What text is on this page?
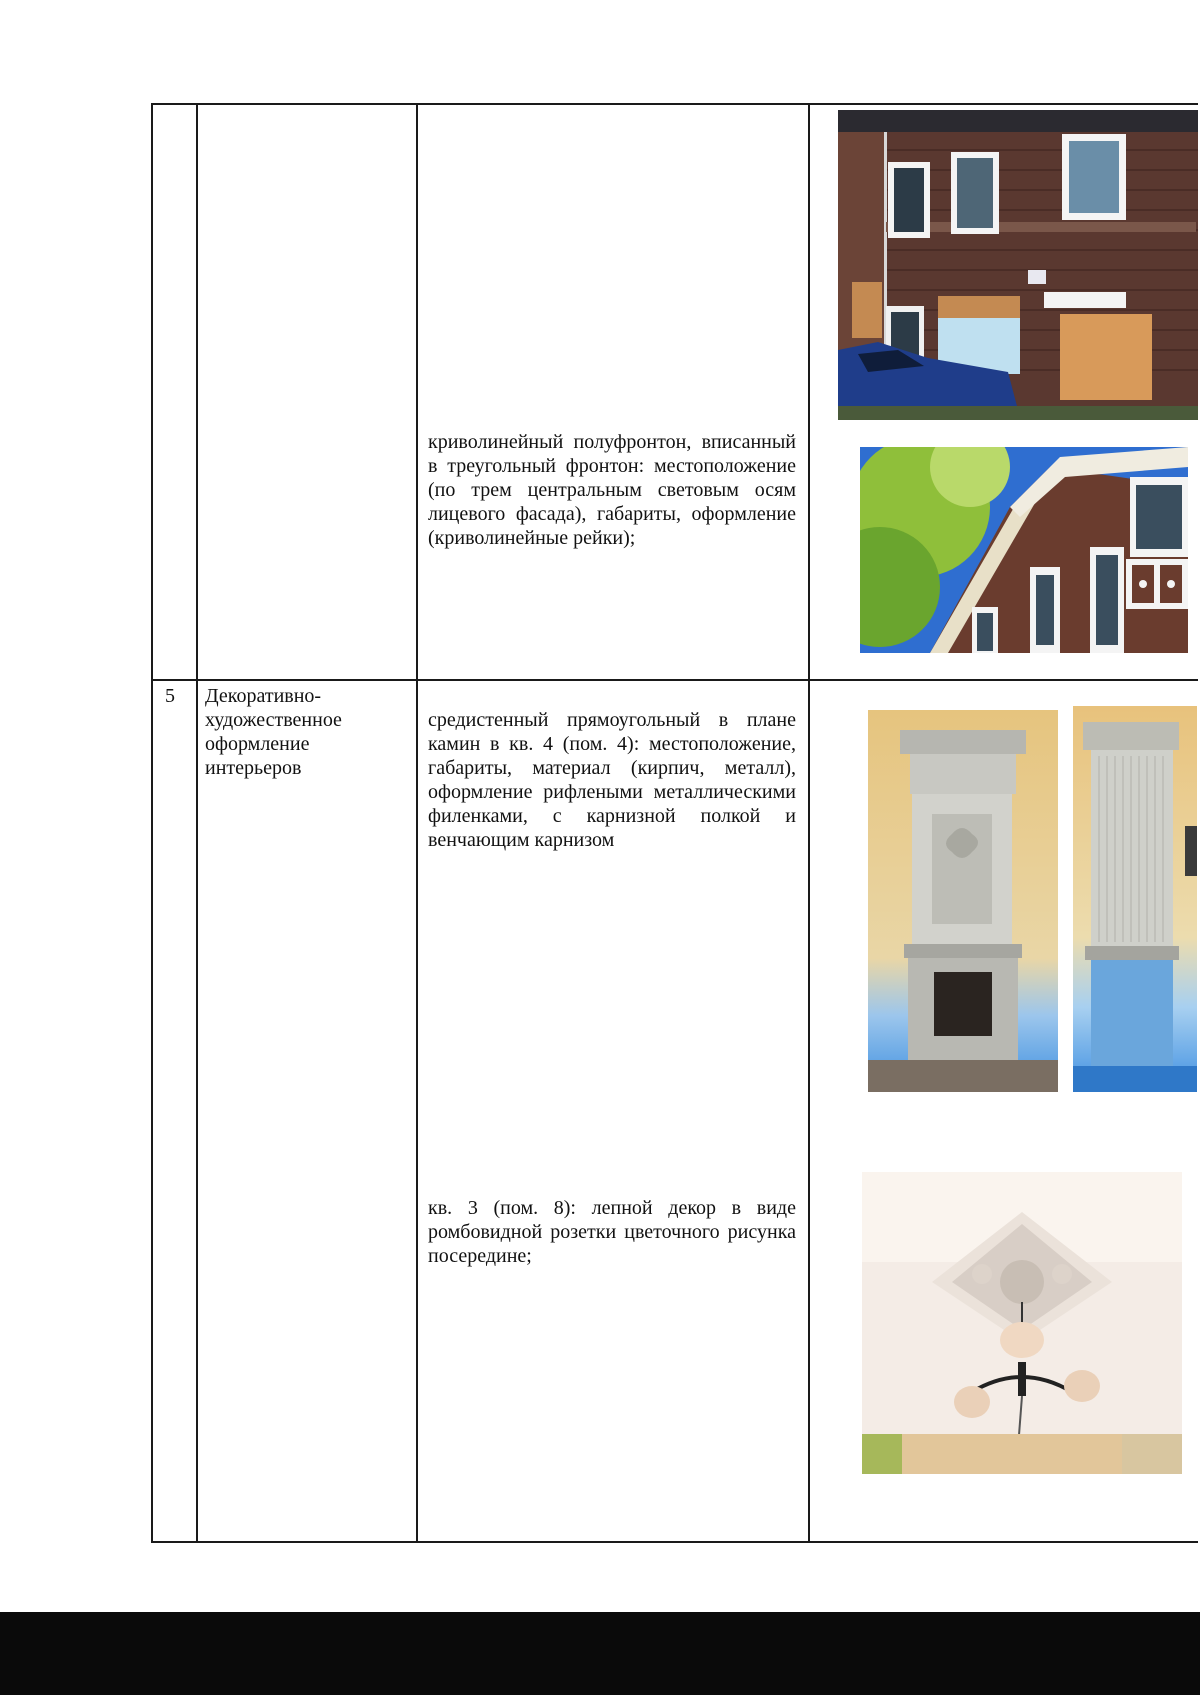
криволинейный полуфронтон, вписанный в треугольный фронтон: местоположение (по трем центральным световым осям лицевого фасада), габариты, оформление (криволинейные рейки);
5 Декоративно-художественное оформление интерьеров
средистенный прямоугольный в плане камин в кв. 4 (пом. 4): местоположение, габариты, материал (кирпич, металл), оформление рифлеными металлическими филенками, с карнизной полкой и венчающим карнизом
кв. 3 (пом. 8): лепной декор в виде ромбовидной розетки цветочного рисунка посередине;
